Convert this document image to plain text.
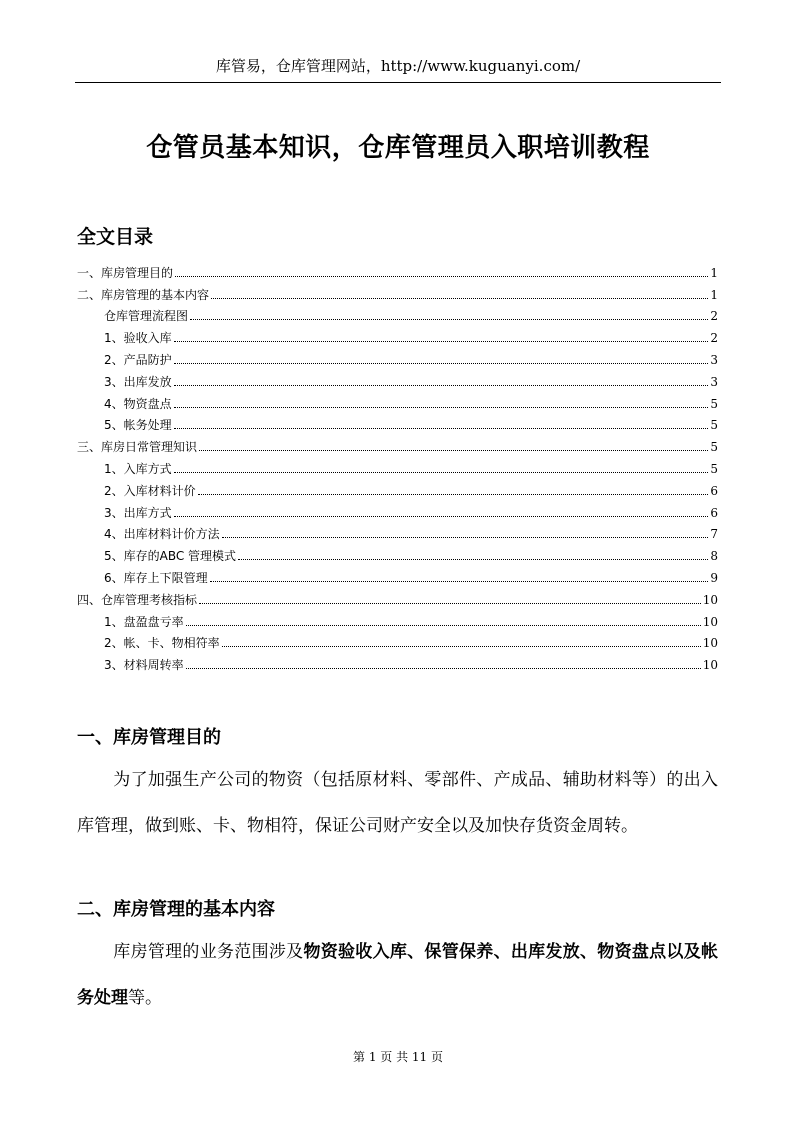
库管易，仓库管理网站，http://www.kuguanyi.com/
仓管员基本知识，仓库管理员入职培训教程
全文目录
一、库房管理目的	1
二、库房管理的基本内容	1
仓库管理流程图	2
1、验收入库	2
2、产品防护	3
3、出库发放	3
4、物资盘点	5
5、帐务处理	5
三、库房日常管理知识	5
1、入库方式	5
2、入库材料计价	6
3、出库方式	6
4、出库材料计价方法	7
5、库存的ABC 管理模式	8
6、库存上下限管理	9
四、仓库管理考核指标	10
1、盘盈盘亏率	10
2、帐、卡、物相符率	10
3、材料周转率	10
一、库房管理目的
为了加强生产公司的物资（包括原材料、零部件、产成品、辅助材料等）的出入库管理，做到账、卡、物相符，保证公司财产安全以及加快存货资金周转。
二、库房管理的基本内容
库房管理的业务范围涉及物资验收入库、保管保养、出库发放、物资盘点以及帐务处理等。
第 1 页 共 11 页
